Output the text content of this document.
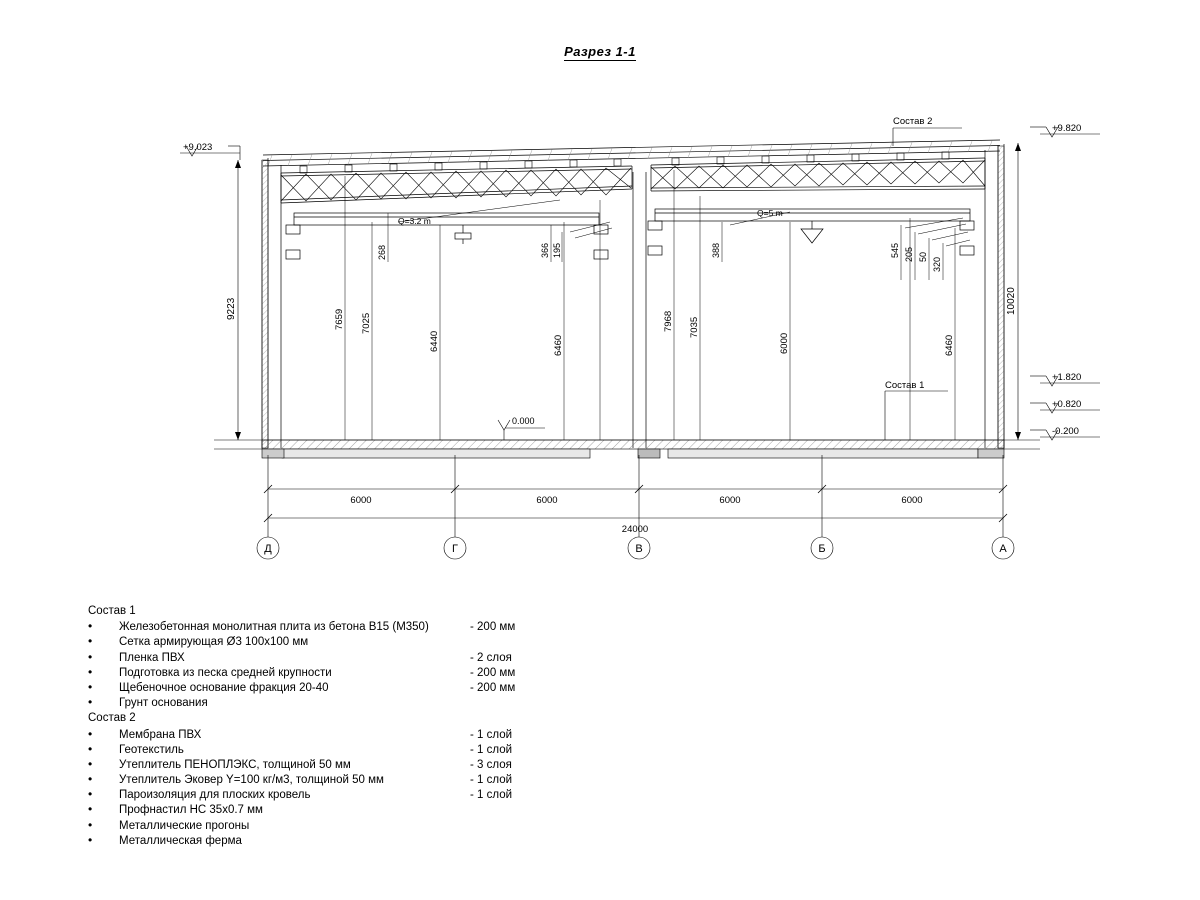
Разрез 1-1
Состав 2
Состав 1
0.000
Q=3.2 m
Q=5 m
+9.023
+9.820
+1.820
+0.820
-0.200
9223	10020
7659 7025
6440	6460
7968 7035
6000	6460
268	366 195	388	545 205 50 320
6000	6000	6000	6000
24000
Д	Г	В	Б	А
Состав 1
• Железобетонная монолитная плита из бетона В15 (М350)	- 200 мм
• Сетка армирующая Ø3 100х100 мм
• Пленка ПВХ	- 2 слоя
• Подготовка из песка средней крупности	- 200 мм
• Щебеночное основание фракция 20-40	- 200 мм
• Грунт основания
Состав 2
• Мембрана ПВХ	- 1 слой
• Геотекстиль	- 1 слой
• Утеплитель ПЕНОПЛЭКС, толщиной 50 мм	- 3 слоя
• Утеплитель Эковер Y=100 кг/м3, толщиной 50 мм	- 1 слой
• Пароизоляция для плоских кровель	- 1 слой
• Профнастил НС 35х0.7 мм
• Металлические прогоны
• Металлическая ферма
